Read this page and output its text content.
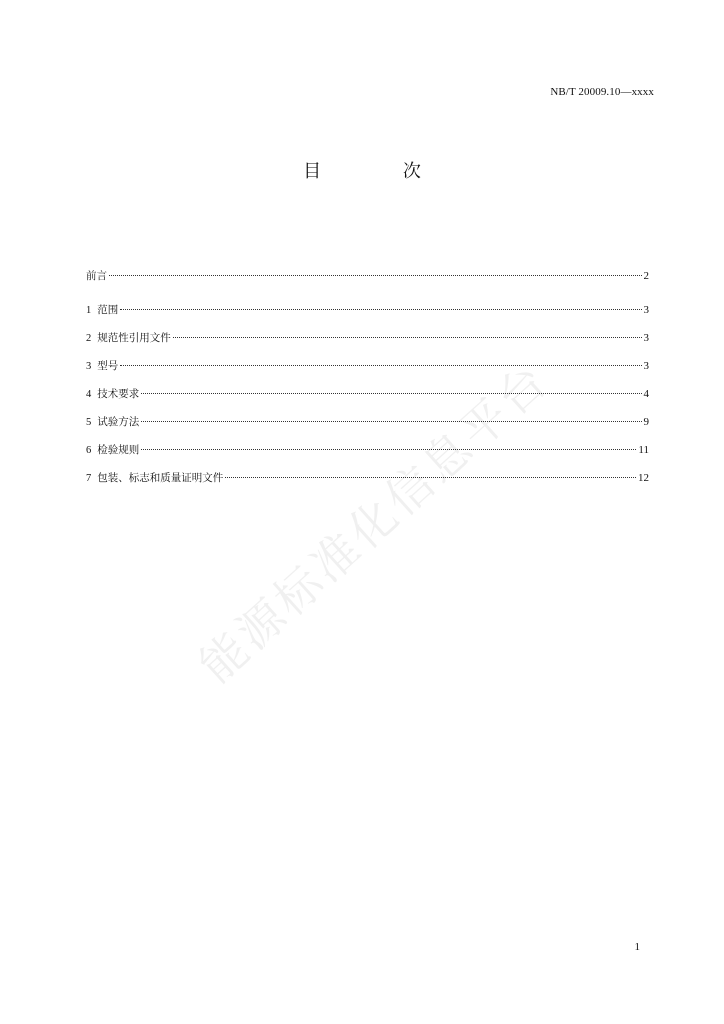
NB/T 20009.10—xxxx
目 次
前言	2
1 范围	3
2 规范性引用文件	3
3 型号	3
4 技术要求	4
5 试验方法	9
6 检验规则	11
7 包装、标志和质量证明文件	12
能源标准化信息平台
1
